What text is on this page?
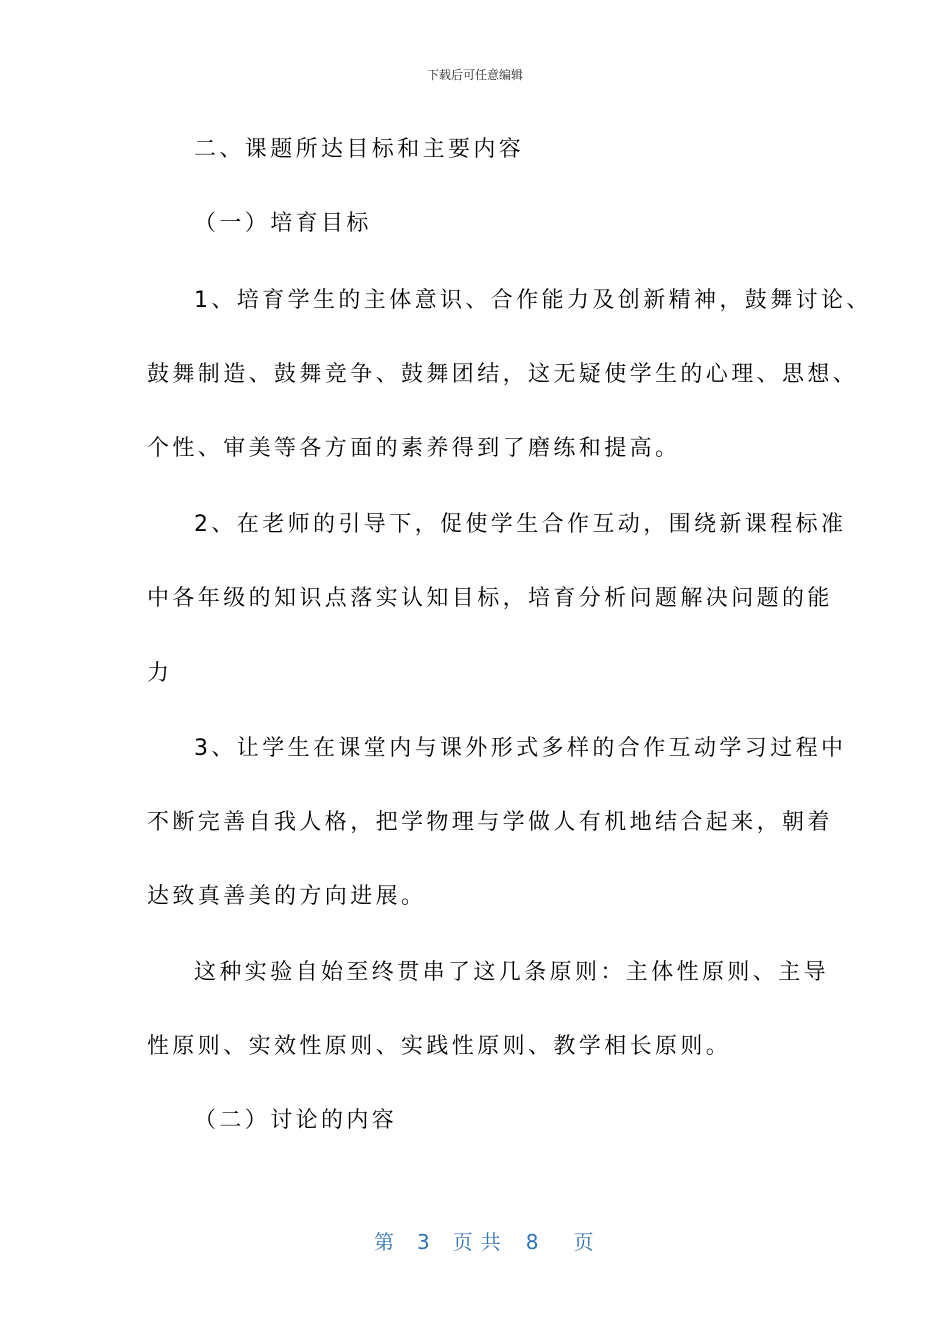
下载后可任意编辑
二、课题所达目标和主要内容
（一）培育目标
1、培育学生的主体意识、合作能力及创新精神，鼓舞讨论、
鼓舞制造、鼓舞竞争、鼓舞团结，这无疑使学生的心理、思想、
个性、审美等各方面的素养得到了磨练和提高。
2、在老师的引导下，促使学生合作互动，围绕新课程标准
中各年级的知识点落实认知目标，培育分析问题解决问题的能
力
3、让学生在课堂内与课外形式多样的合作互动学习过程中
不断完善自我人格，把学物理与学做人有机地结合起来，朝着
达致真善美的方向进展。
这种实验自始至终贯串了这几条原则：主体性原则、主导
性原则、实效性原则、实践性原则、教学相长原则。
（二）讨论的内容
第 3 页共 8 页
